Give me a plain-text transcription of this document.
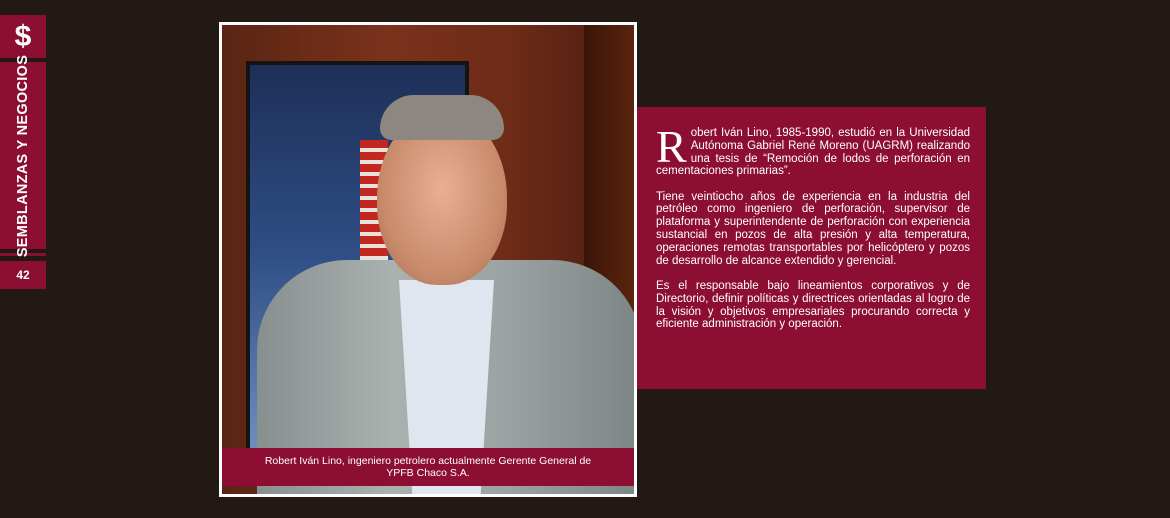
$
SEMBLANZAS Y NEGOCIOS
42
Robert Iván Lino, ingeniero petrolero actualmente Gerente General de YPFB Chaco S.A.

Robert Iván Lino, 1985-1990, estudió en la Universidad Autónoma Gabriel René Moreno (UAGRM) realizando una tesis de “Remoción de lodos de perforación en cementaciones primarias”.

Tiene veintiocho años de experiencia en la industria del petróleo como ingeniero de perforación, supervisor de plataforma y superintendente de perforación con experiencia sustancial en pozos de alta presión y alta temperatura, operaciones remotas transportables por helicóptero y pozos de desarrollo de alcance extendido y gerencial.

Es el responsable bajo lineamientos corporativos y de Directorio, definir políticas y directrices orientadas al logro de la visión y objetivos empresariales procurando correcta y eficiente administración y operación.
